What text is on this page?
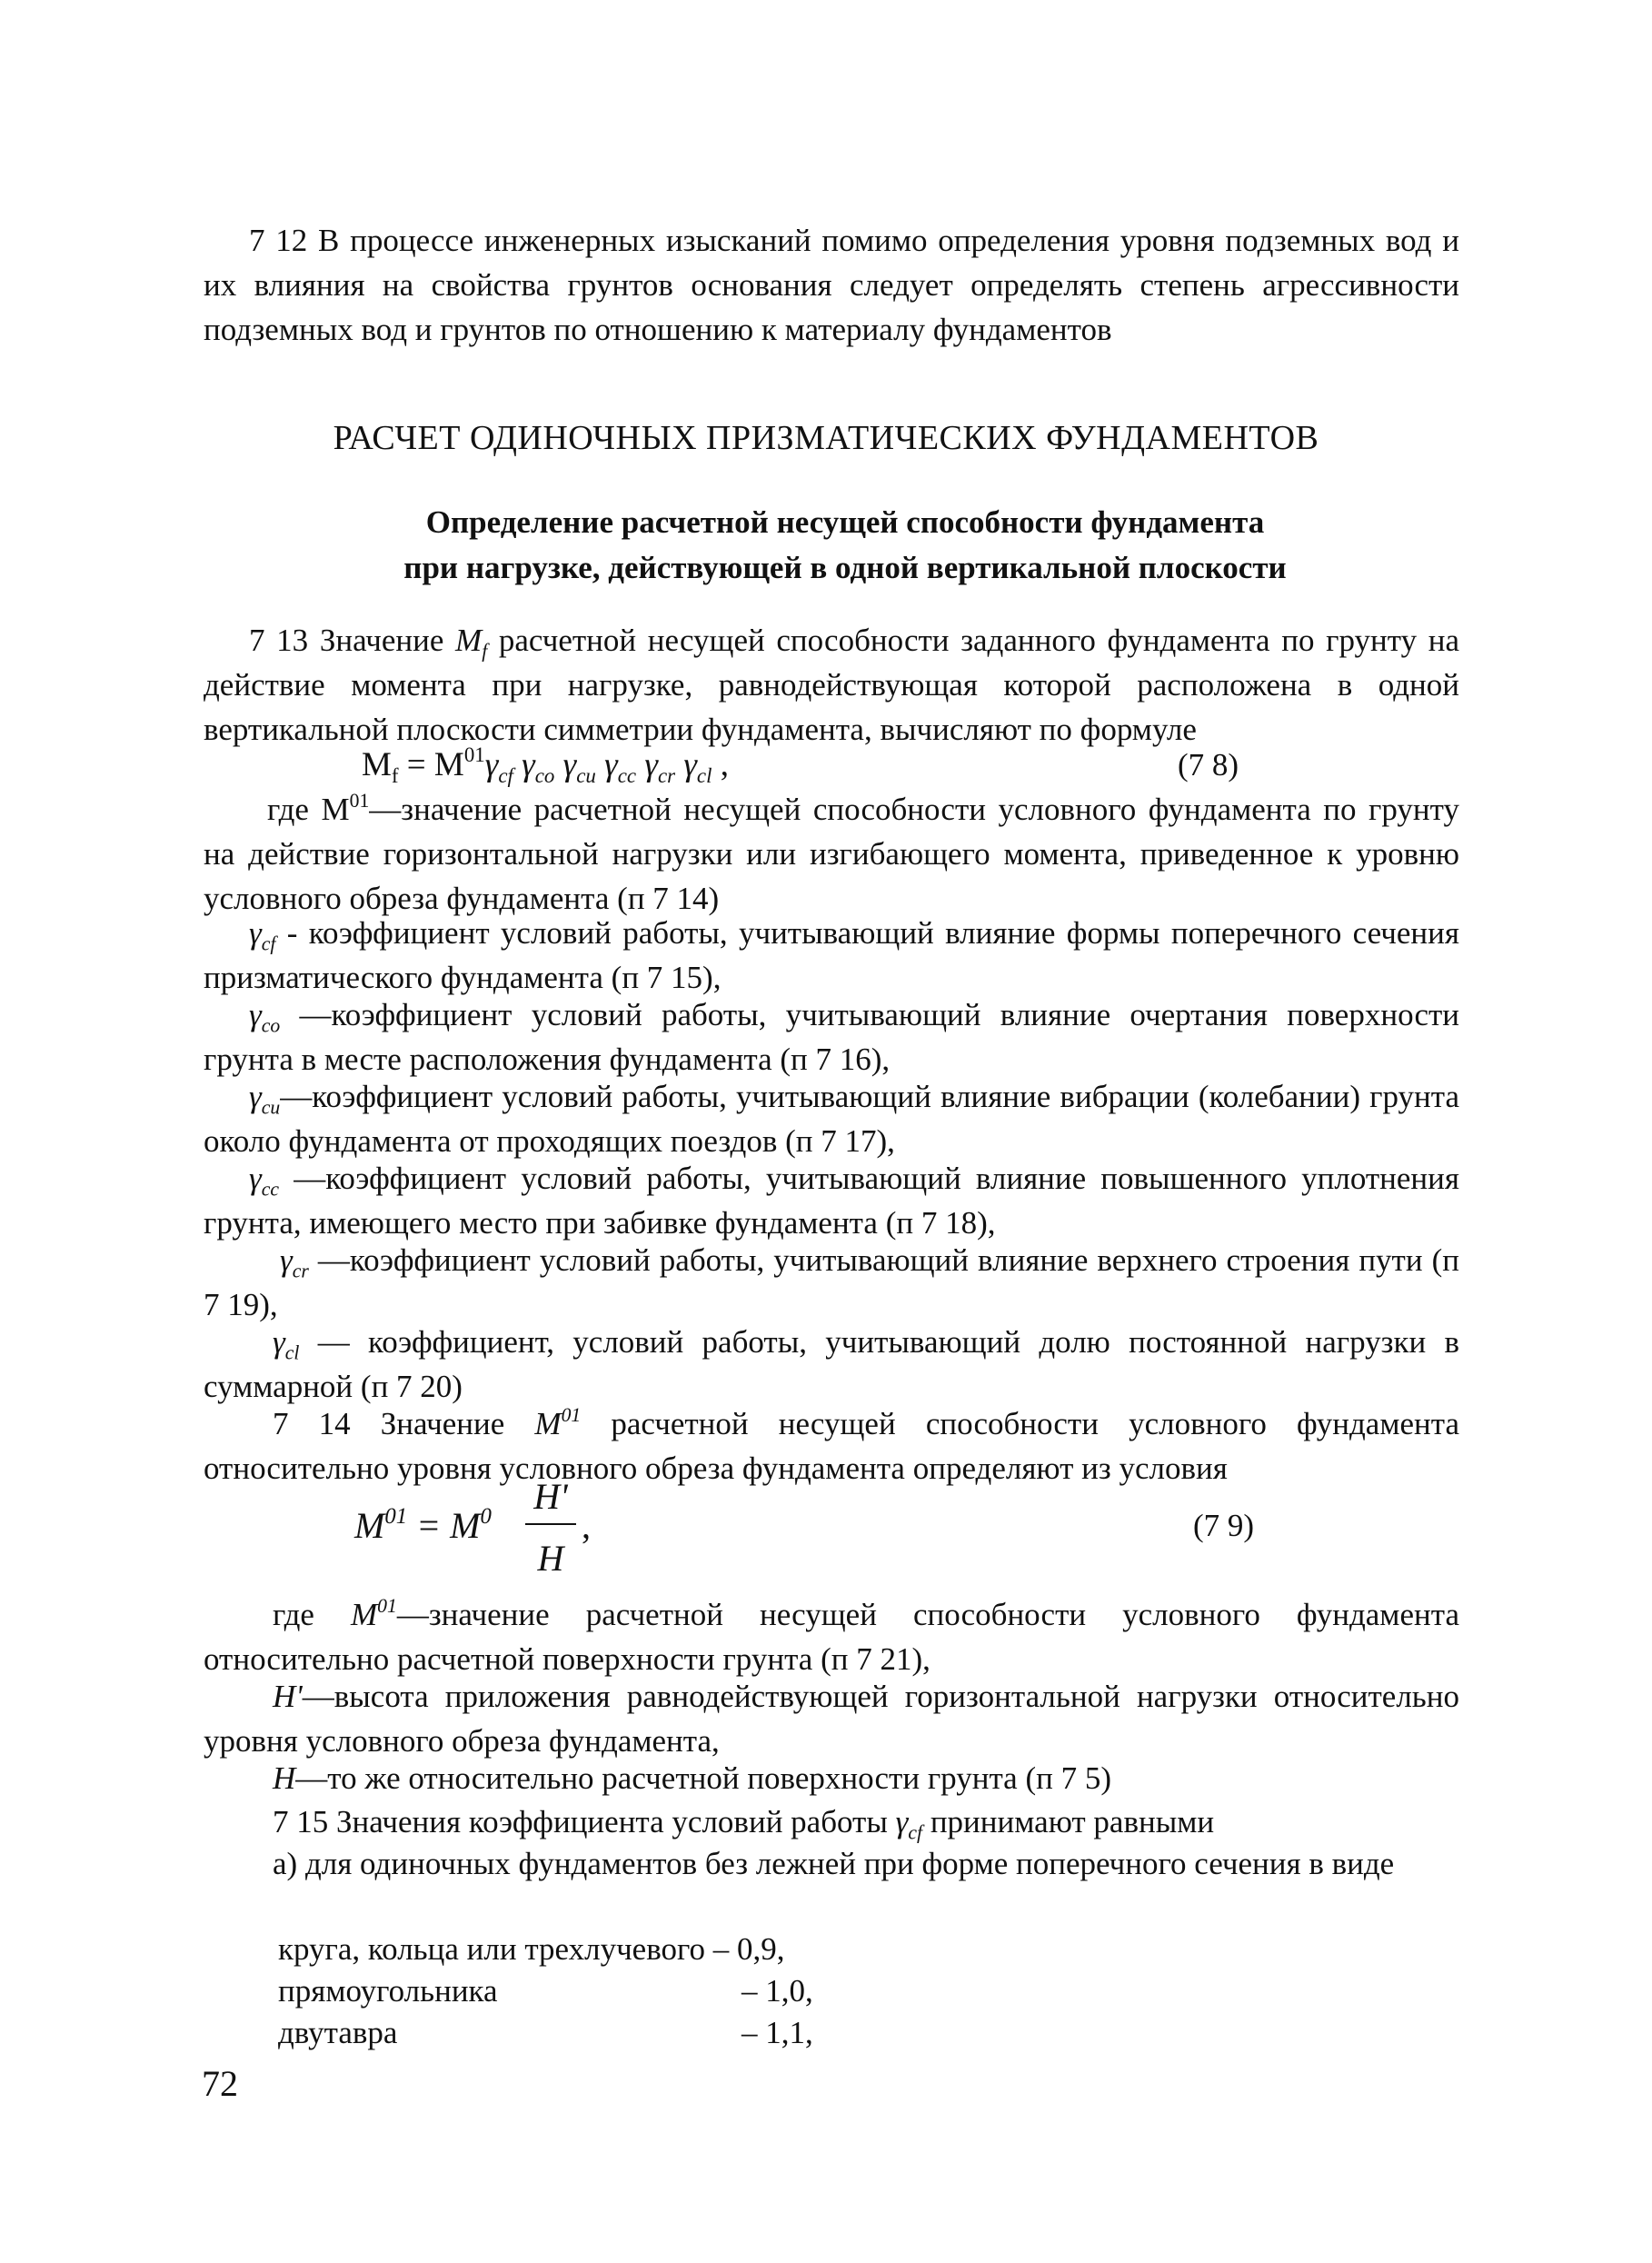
7 12 В процессе инженерных изысканий помимо определения уровня подземных вод и их влияния на свойства грунтов основания следует определять степень агрессивности подземных вод и грунтов по отношению к материалу фундаментов
РАСЧЕТ ОДИНОЧНЫХ ПРИЗМАТИЧЕСКИХ ФУНДАМЕНТОВ
Определение расчетной несущей способности фундамента
при нагрузке, действующей в одной вертикальной плоскости
7 13 Значение $M_f$ расчетной несущей способности заданного фундамента по грунту на действие момента при нагрузке, равнодействующая которой расположена в одной вертикальной плоскости симметрии фундамента, вычисляют по формуле
$M_f = M^{01}\gamma_{cf}$ $\gamma_{co}$ $\gamma_{cu}$ $\gamma_{cc}$ $\gamma_{cr}$ $\gamma_{cl}$ ,	(7 8)
где $M^{01}—значение$ расчетной несущей способности условного фундамента по грунту на действие горизонтальной нагрузки или изгибающего момента, приведенное к уровню условного обреза фундамента (п 7 14)
$\gamma_{cf}$ - коэффициент условий работы, учитывающий влияние формы поперечного сечения призматического фундамента (п 7 15),
$\gamma_{co}$ —коэффициент условий работы, учитывающий влияние очертания поверхности грунта в месте расположения фундамента (п 7 16),
$\gamma_{cu}—коэффициент$ условий работы, учитывающий влияние вибрации (колебании) грунта около фундамента от проходящих поездов (п 7 17),
$\gamma_{cc}$ —коэффициент условий работы, учитывающий влияние повышенного уплотнения грунта, имеющего место при забивке фундамента (п 7 18),
$\gamma_{cr}$ —коэффициент условий работы, учитывающий влияние верхнего строения пути (п 7 19),
$\gamma_{cl}$ — коэффициент, условий работы, учитывающий долю постоянной нагрузки в суммарной (п 7 20)
7 14 Значение $M^{01}$ расчетной несущей способности условного фундамента относительно уровня условного обреза фундамента определяют из условия
$M^{01} = M^0$ H'
H
,	(7 9)
где $M^{01}—значение$ расчетной несущей способности условного фундамента относительно расчетной поверхности грунта (п 7 21),
H'—высота приложения равнодействующей горизонтальной нагрузки относительно уровня условного обреза фундамента,
H—то же относительно расчетной поверхности грунта (п 7 5)
7 15 Значения коэффициента условий работы $\gamma_{cf}$ принимают равными
а) для одиночных фундаментов без лежней при форме поперечного сечения в виде
круга, кольца или трехлучевого – 0,9,
прямоугольника	– 1,0,
двутавра	– 1,1,
72
